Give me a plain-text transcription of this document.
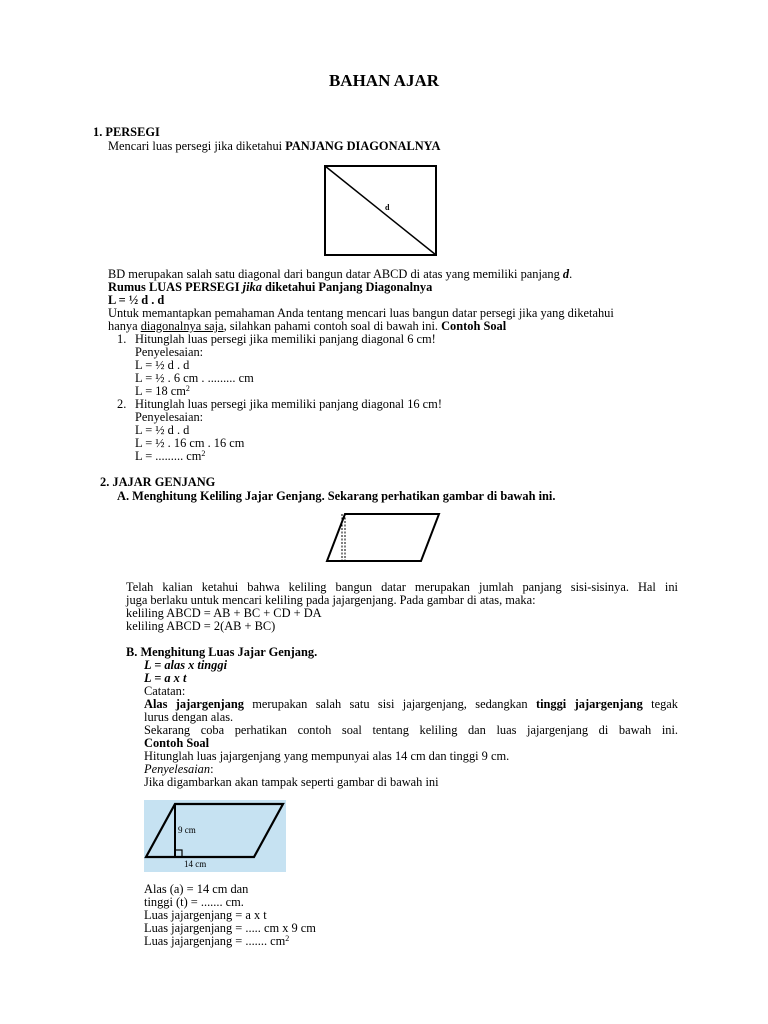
BAHAN AJAR
1. PERSEGI
Mencari luas persegi jika diketahui PANJANG DIAGONALNYA
d
BD merupakan salah satu diagonal dari bangun datar ABCD di atas yang memiliki panjang d.
Rumus LUAS PERSEGI jika diketahui Panjang Diagonalnya
L = ½ d . d
Untuk memantapkan pemahaman Anda tentang mencari luas bangun datar persegi jika yang diketahui
hanya diagonalnya saja, silahkan pahami contoh soal di bawah ini. Contoh Soal
1. Hitunglah luas persegi jika memiliki panjang diagonal 6 cm!
Penyelesaian:
L = ½ d . d
L = ½ . 6 cm . ......... cm
L = 18 $cm^2$
2. Hitunglah luas persegi jika memiliki panjang diagonal 16 cm!
Penyelesaian:
L = ½ d . d
L = ½ . 16 cm . 16 cm
L = ......... $cm^2$
2. JAJAR GENJANG
A. Menghitung Keliling Jajar Genjang. Sekarang perhatikan gambar di bawah ini.
Telah kalian ketahui bahwa keliling bangun datar merupakan jumlah panjang sisi-sisinya. Hal ini
juga berlaku untuk mencari keliling pada jajargenjang. Pada gambar di atas, maka:
keliling ABCD = AB + BC + CD + DA
keliling ABCD = 2(AB + BC)
B. Menghitung Luas Jajar Genjang.
L = alas x tinggi
L = a x t
Catatan:
Alas jajargenjang merupakan salah satu sisi jajargenjang, sedangkan tinggi jajargenjang tegak
lurus dengan alas.
Sekarang coba perhatikan contoh soal tentang keliling dan luas jajargenjang di bawah ini.
Contoh Soal
Hitunglah luas jajargenjang yang mempunyai alas 14 cm dan tinggi 9 cm.
Penyelesaian:
Jika digambarkan akan tampak seperti gambar di bawah ini
9 cm
14 cm
Alas (a) = 14 cm dan
tinggi (t) = ....... cm.
Luas jajargenjang = a x t
Luas jajargenjang = ..... cm x 9 cm
Luas jajargenjang = ....... $cm^2$
